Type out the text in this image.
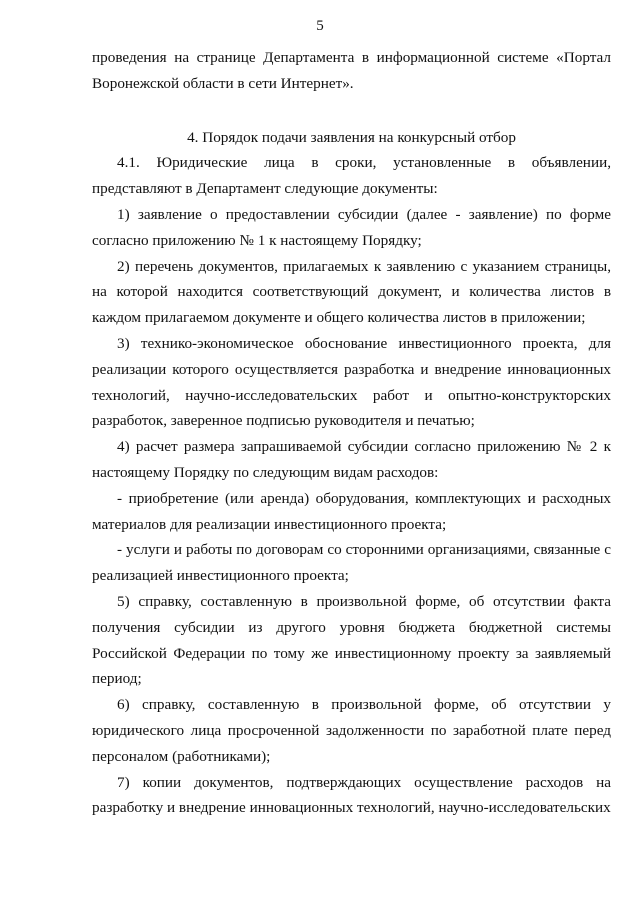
5

проведения на странице Департамента в информационной системе «Портал Воронежской области в сети Интернет».

4. Порядок подачи заявления на конкурсный отбор

4.1. Юридические лица в сроки, установленные в объявлении, представляют в Департамент следующие документы:

1) заявление о предоставлении субсидии (далее - заявление) по форме согласно приложению № 1 к настоящему Порядку;

2) перечень документов, прилагаемых к заявлению с указанием страницы, на которой находится соответствующий документ, и количества листов в каждом прилагаемом документе и общего количества листов в приложении;

3) технико-экономическое обоснование инвестиционного проекта, для реализации которого осуществляется разработка и внедрение инновационных технологий, научно-исследовательских работ и опытно-конструкторских разработок, заверенное подписью руководителя и печатью;

4) расчет размера запрашиваемой субсидии согласно приложению № 2 к настоящему Порядку по следующим видам расходов:

- приобретение (или аренда) оборудования, комплектующих и расходных материалов для реализации инвестиционного проекта;

- услуги и работы по договорам со сторонними организациями, связанные с реализацией инвестиционного проекта;

5) справку, составленную в произвольной форме, об отсутствии факта получения субсидии из другого уровня бюджета бюджетной системы Российской Федерации по тому же инвестиционному проекту за заявляемый период;

6) справку, составленную в произвольной форме, об отсутствии у юридического лица просроченной задолженности по заработной плате перед персоналом (работниками);

7) копии документов, подтверждающих осуществление расходов на разработку и внедрение инновационных технологий, научно-исследовательских
